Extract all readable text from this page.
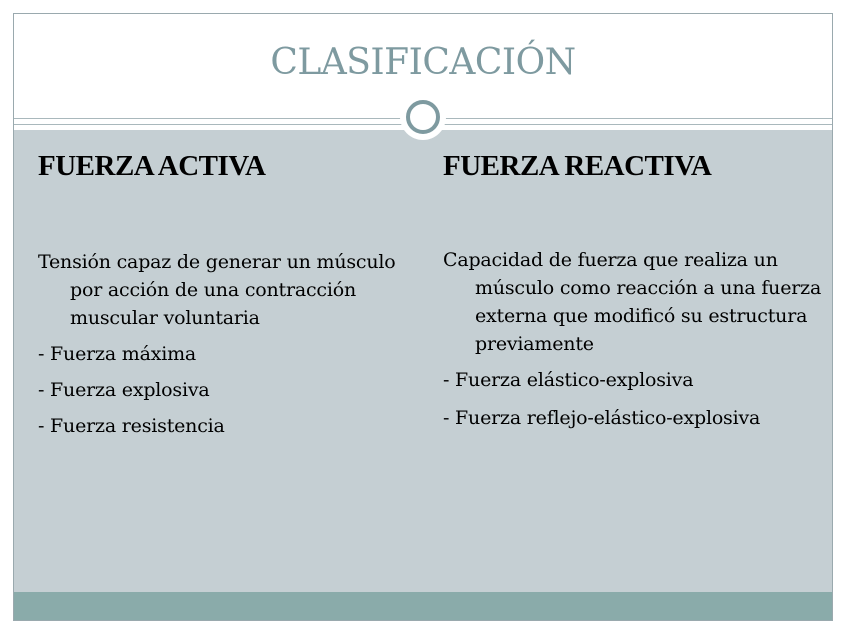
CLASIFICACIÓN
FUERZA ACTIVA

Tensión capaz de generar un músculo por acción de una contracción muscular voluntaria

- Fuerza máxima

- Fuerza explosiva

- Fuerza resistencia

FUERZA REACTIVA

Capacidad de fuerza que realiza un músculo como reacción a una fuerza externa que modificó su estructura previamente

- Fuerza elástico-explosiva

- Fuerza reflejo-elástico-explosiva
